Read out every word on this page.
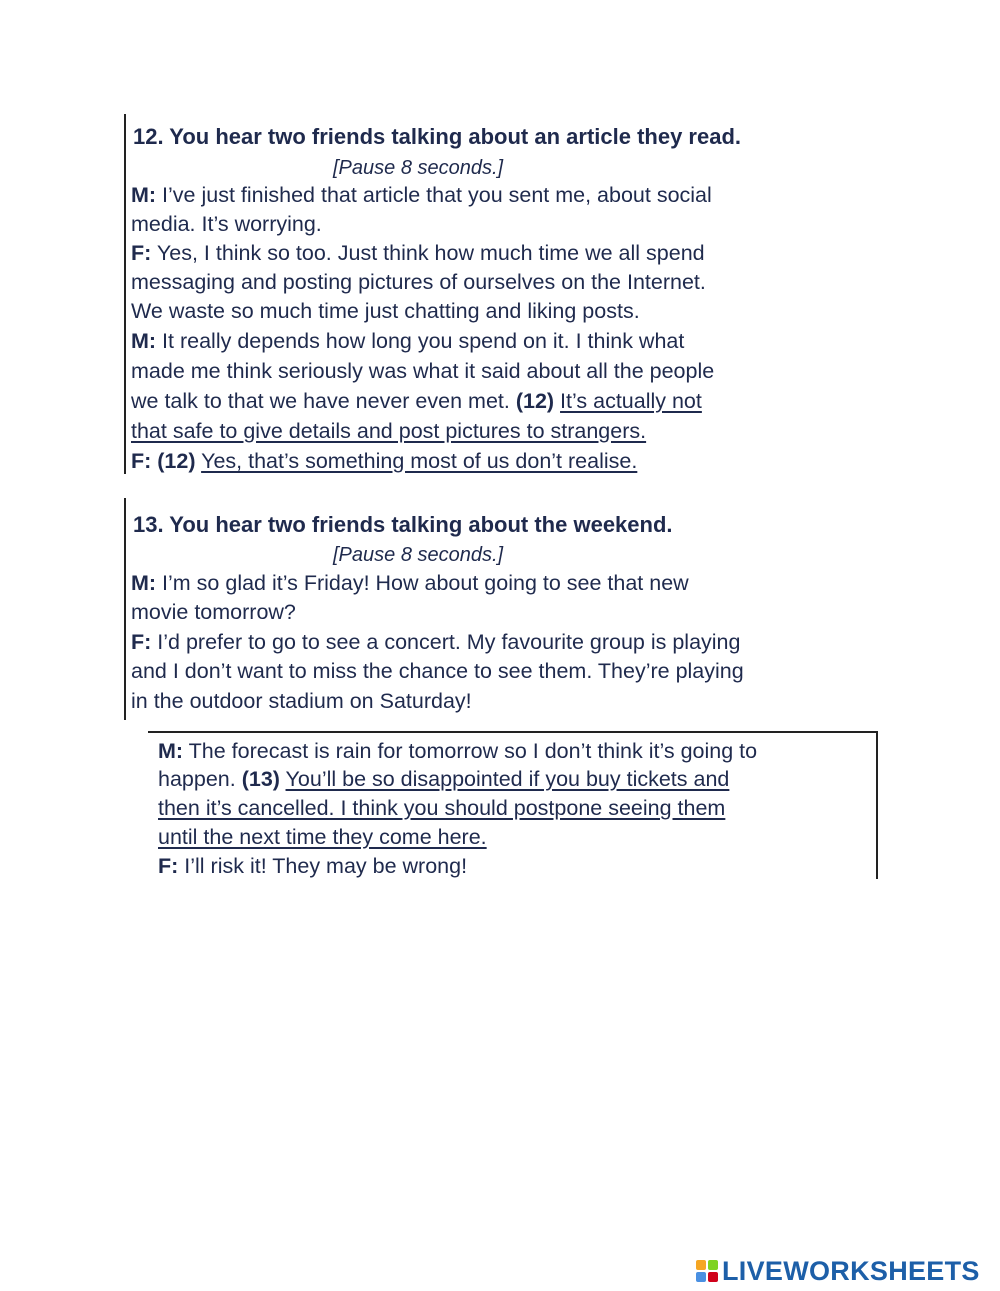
12. You hear two friends talking about an article they read.
[Pause 8 seconds.]
M: I’ve just finished that article that you sent me, about social
media. It’s worrying.
F: Yes, I think so too. Just think how much time we all spend
messaging and posting pictures of ourselves on the Internet.
We waste so much time just chatting and liking posts.
M: It really depends how long you spend on it. I think what
made me think seriously was what it said about all the people
we talk to that we have never even met. (12) It’s actually not
that safe to give details and post pictures to strangers.
F: (12) Yes, that’s something most of us don’t realise.
13. You hear two friends talking about the weekend.
[Pause 8 seconds.]
M: I’m so glad it’s Friday! How about going to see that new
movie tomorrow?
F: I’d prefer to go to see a concert. My favourite group is playing
and I don’t want to miss the chance to see them. They’re playing
in the outdoor stadium on Saturday!
M: The forecast is rain for tomorrow so I don’t think it’s going to
happen. (13) You’ll be so disappointed if you buy tickets and
then it’s cancelled. I think you should postpone seeing them
until the next time they come here.
F: I’ll risk it! They may be wrong!
LIVEWORKSHEETS
